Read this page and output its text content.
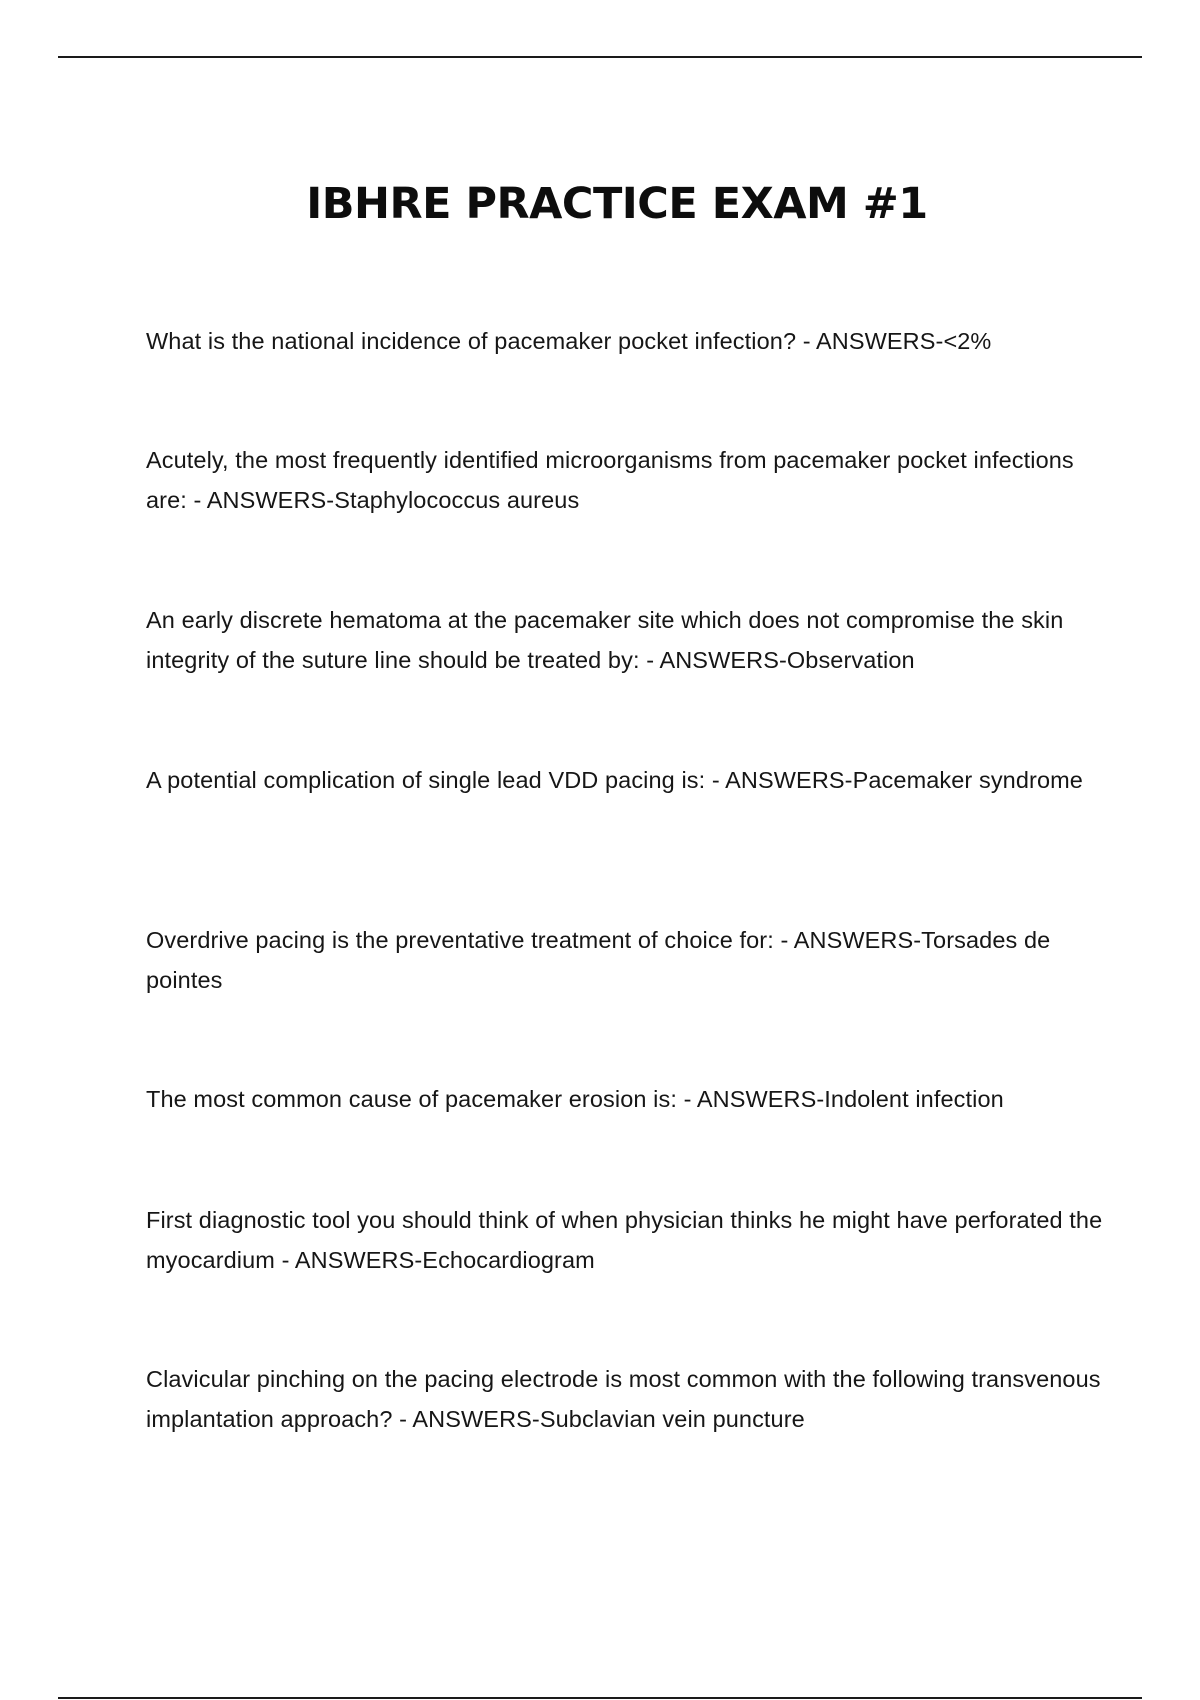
IBHRE PRACTICE EXAM #1

What is the national incidence of pacemaker pocket infection? - ANSWERS-<2%

Acutely, the most frequently identified microorganisms from pacemaker pocket infections are: - ANSWERS-Staphylococcus aureus

An early discrete hematoma at the pacemaker site which does not compromise the skin integrity of the suture line should be treated by: - ANSWERS-Observation

A potential complication of single lead VDD pacing is: - ANSWERS-Pacemaker syndrome

Overdrive pacing is the preventative treatment of choice for: - ANSWERS-Torsades de pointes

The most common cause of pacemaker erosion is: - ANSWERS-Indolent infection

First diagnostic tool you should think of when physician thinks he might have perforated the myocardium - ANSWERS-Echocardiogram

Clavicular pinching on the pacing electrode is most common with the following transvenous implantation approach? - ANSWERS-Subclavian vein puncture
